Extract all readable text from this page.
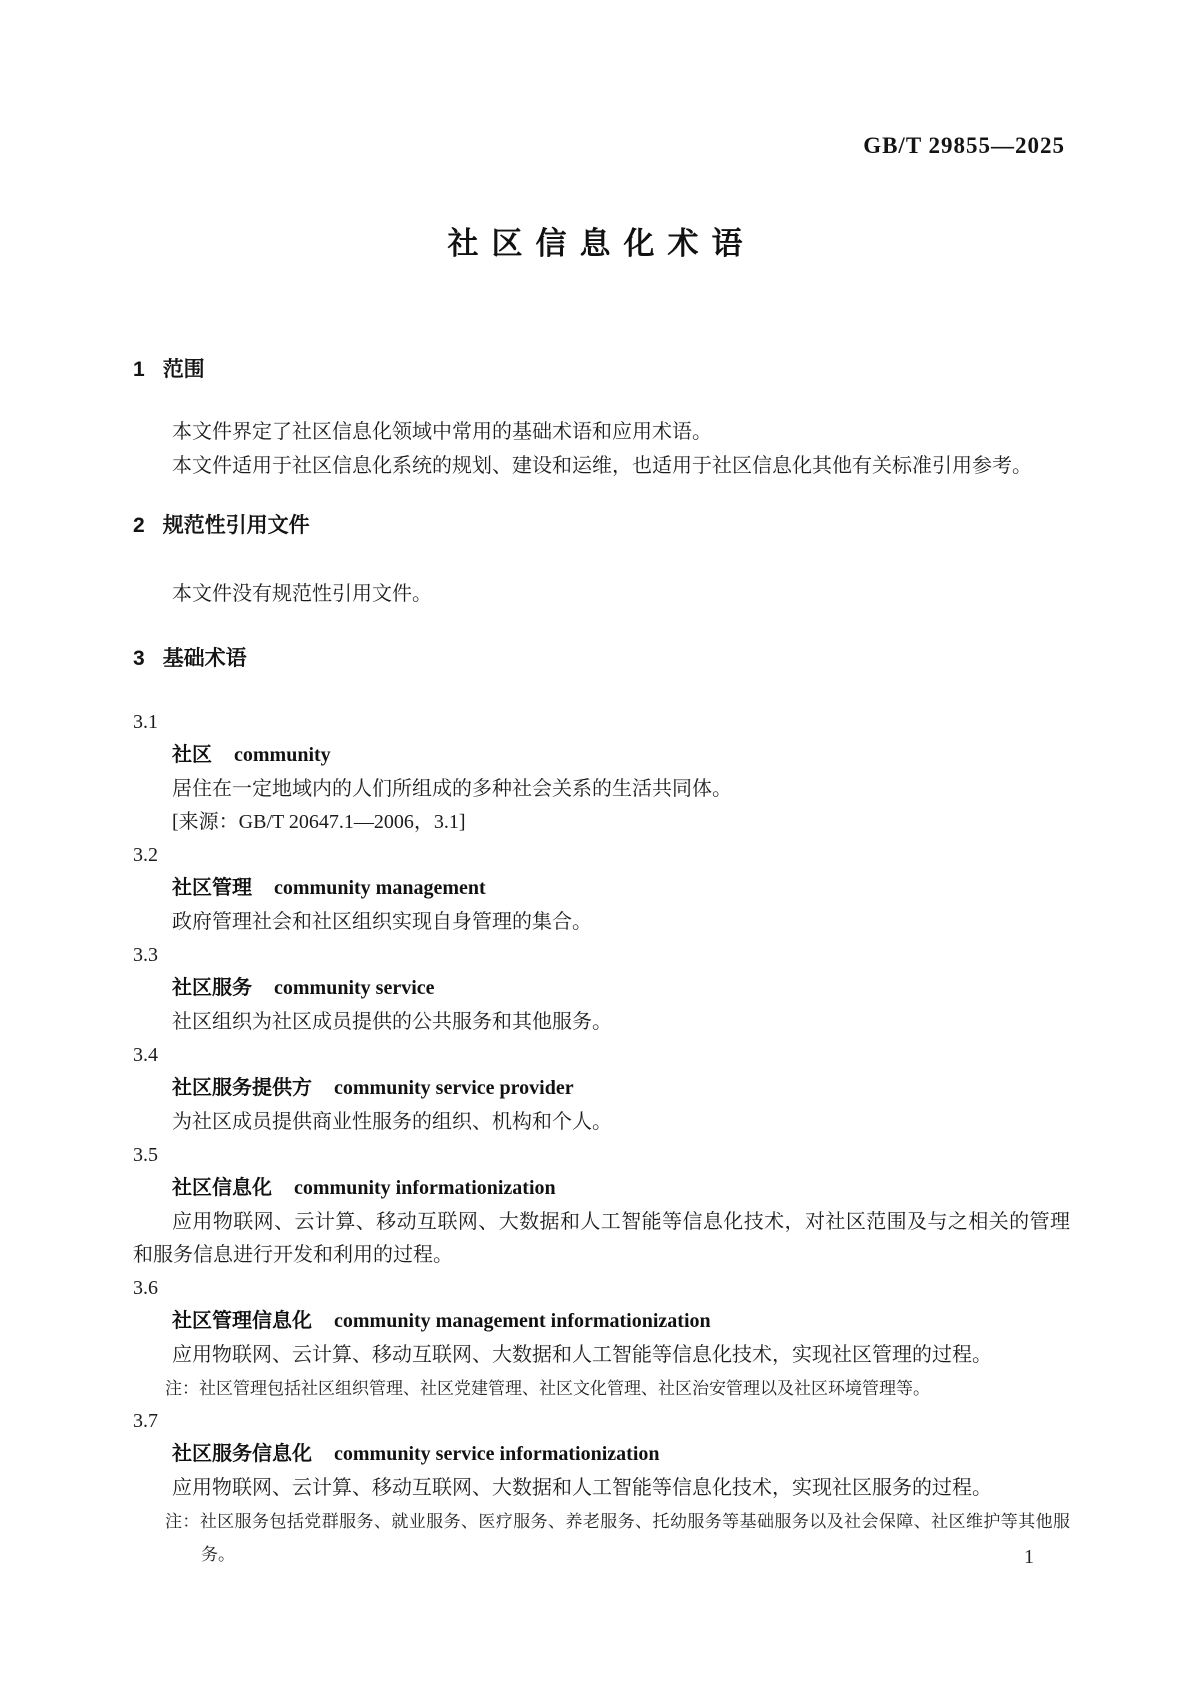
GB/T 29855—2025
社区信息化术语
1 范围

本文件界定了社区信息化领域中常用的基础术语和应用术语。

本文件适用于社区信息化系统的规划、建设和运维，也适用于社区信息化其他有关标准引用参考。

2 规范性引用文件

本文件没有规范性引用文件。

3 基础术语
3.1
社区 community

居住在一定地域内的人们所组成的多种社会关系的生活共同体。

[来源：GB/T 20647.1—2006，3.1]
3.2
社区管理 community management

政府管理社会和社区组织实现自身管理的集合。

3.3
社区服务 community service

社区组织为社区成员提供的公共服务和其他服务。

3.4
社区服务提供方 community service provider

为社区成员提供商业性服务的组织、机构和个人。

3.5
社区信息化 community informationization

应用物联网、云计算、移动互联网、大数据和人工智能等信息化技术，对社区范围及与之相关的管理和服务信息进行开发和利用的过程。

3.6
社区管理信息化 community management informationization

应用物联网、云计算、移动互联网、大数据和人工智能等信息化技术，实现社区管理的过程。

注：社区管理包括社区组织管理、社区党建管理、社区文化管理、社区治安管理以及社区环境管理等。

3.7
社区服务信息化 community service informationization

应用物联网、云计算、移动互联网、大数据和人工智能等信息化技术，实现社区服务的过程。

注：社区服务包括党群服务、就业服务、医疗服务、养老服务、托幼服务等基础服务以及社会保障、社区维护等其他服务。	1
